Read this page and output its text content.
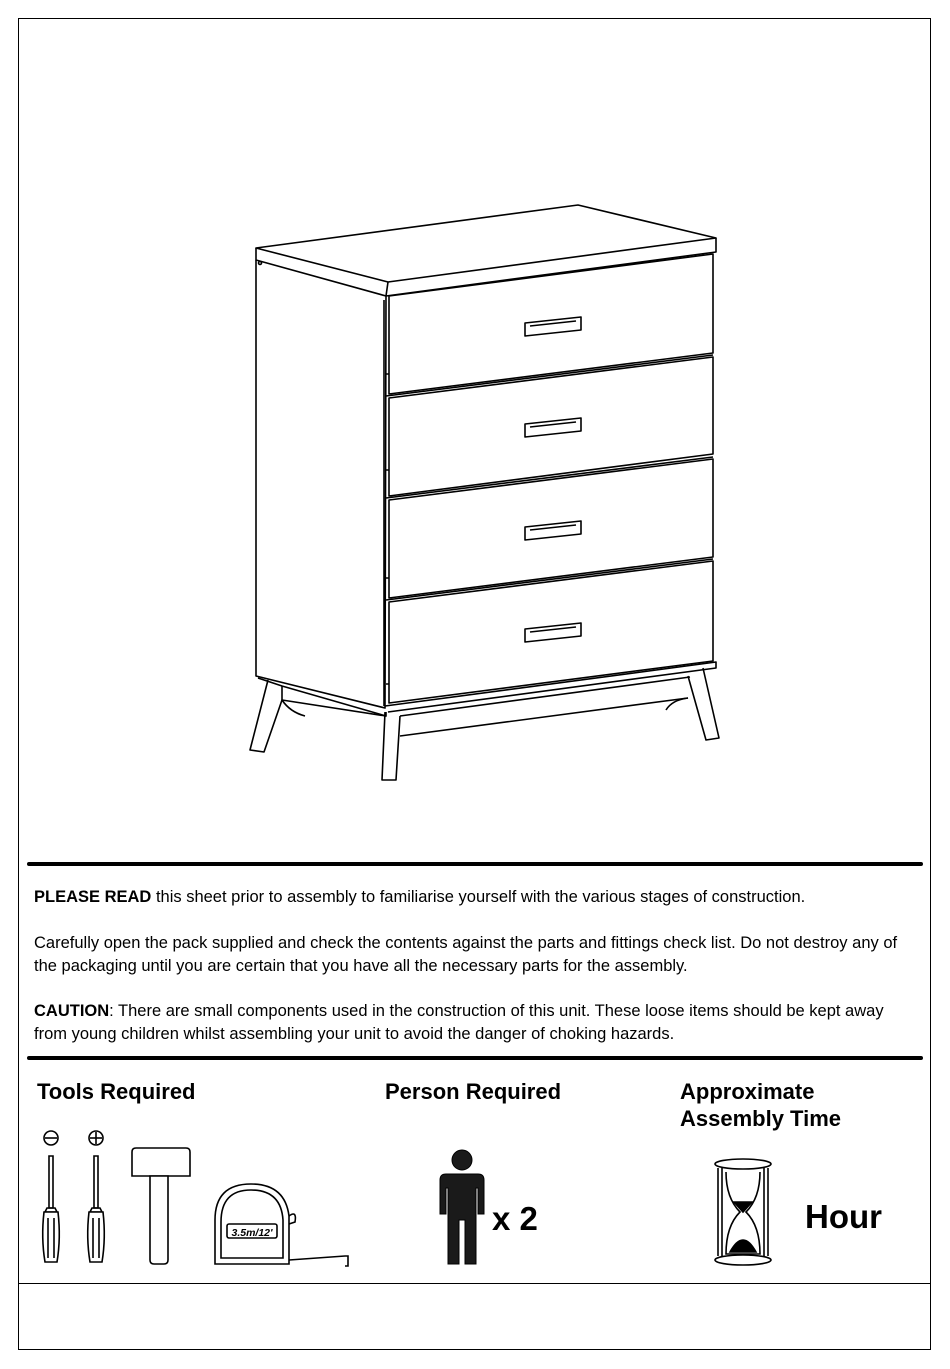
PLEASE READ this sheet prior to assembly to familiarise yourself with the various stages of construction.
Carefully open the pack supplied and check the contents against the parts and fittings check list. Do not destroy any of the packaging until you are certain that you have all the necessary parts for the assembly.
CAUTION: There are small components used in the construction of this unit. These loose items should be kept away from young children whilst assembling your unit to avoid the danger of choking hazards.
Tools Required
3.5m/12'
Person Required
x 2
Approximate
Assembly Time
Hour
